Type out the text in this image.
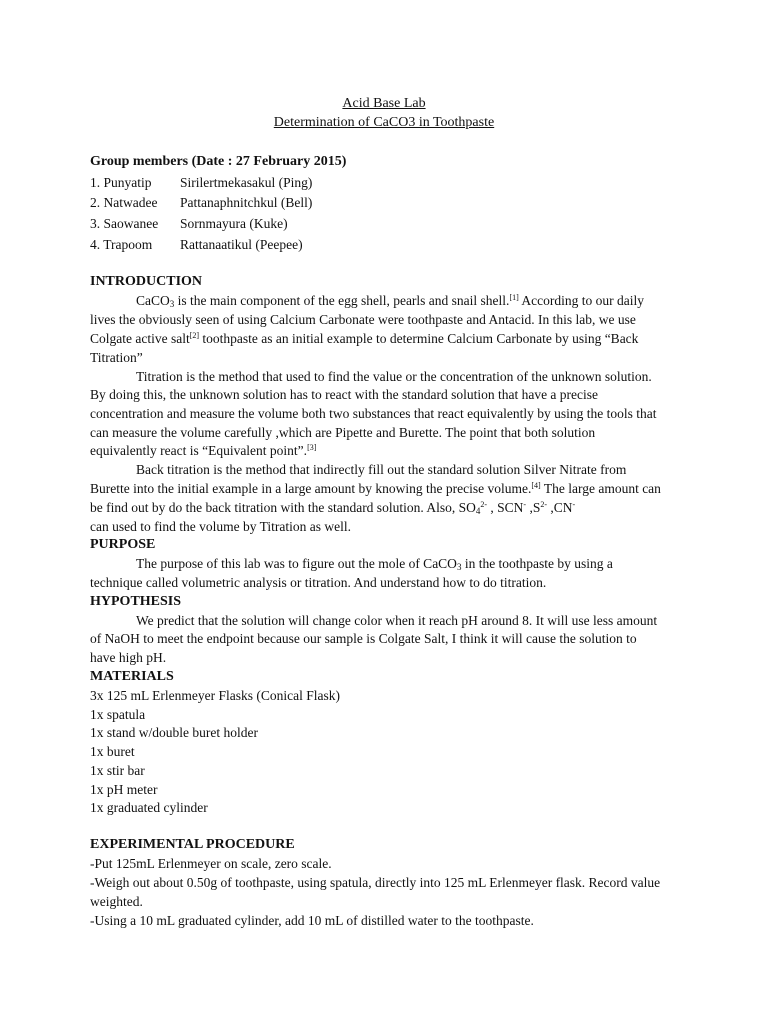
Acid Base Lab
Determination of CaCO3 in Toothpaste
Group members (Date : 27 February 2015)
1. Punyatip Sirilertmekasakul (Ping)
2. Natwadee Pattanaphnitchkul (Bell)
3. Saowanee Sornmayura (Kuke)
4. Trapoom Rattanaatikul (Peepee)
INTRODUCTION
CaCO$_3$ is the main component of the egg shell, pearls and snail shell.[1] According to our daily
lives the obviously seen of using Calcium Carbonate were toothpaste and Antacid. In this lab, we use
Colgate active salt[2] toothpaste as an initial example to determine Calcium Carbonate by using “Back
Titration”
Titration is the method that used to find the value or the concentration of the unknown solution.
By doing this, the unknown solution has to react with the standard solution that have a precise
concentration and measure the volume both two substances that react equivalently by using the tools that
can measure the volume carefully ,which are Pipette and Burette. The point that both solution
equivalently react is “Equivalent point”.[3]
Back titration is the method that indirectly fill out the standard solution Silver Nitrate from
Burette into the initial example in a large amount by knowing the precise volume.[4] The large amount can
be find out by do the back titration with the standard solution. Also, $SO_4^{2-}$ , SCN- $,S^{2-}$ ,CN-
can used to find the volume by Titration as well.
PURPOSE
The purpose of this lab was to figure out the mole of CaCO$_3$ in the toothpaste by using a
technique called volumetric analysis or titration. And understand how to do titration.
HYPOTHESIS
We predict that the solution will change color when it reach pH around 8. It will use less amount
of NaOH to meet the endpoint because our sample is Colgate Salt, I think it will cause the solution to
have high pH.
MATERIALS
3x 125 mL Erlenmeyer Flasks (Conical Flask)
1x spatula
1x stand w/double buret holder
1x buret
1x stir bar
1x pH meter
1x graduated cylinder
EXPERIMENTAL PROCEDURE
-Put 125mL Erlenmeyer on scale, zero scale.
-Weigh out about 0.50g of toothpaste, using spatula, directly into 125 mL Erlenmeyer flask. Record value
weighted.
-Using a 10 mL graduated cylinder, add 10 mL of distilled water to the toothpaste.
